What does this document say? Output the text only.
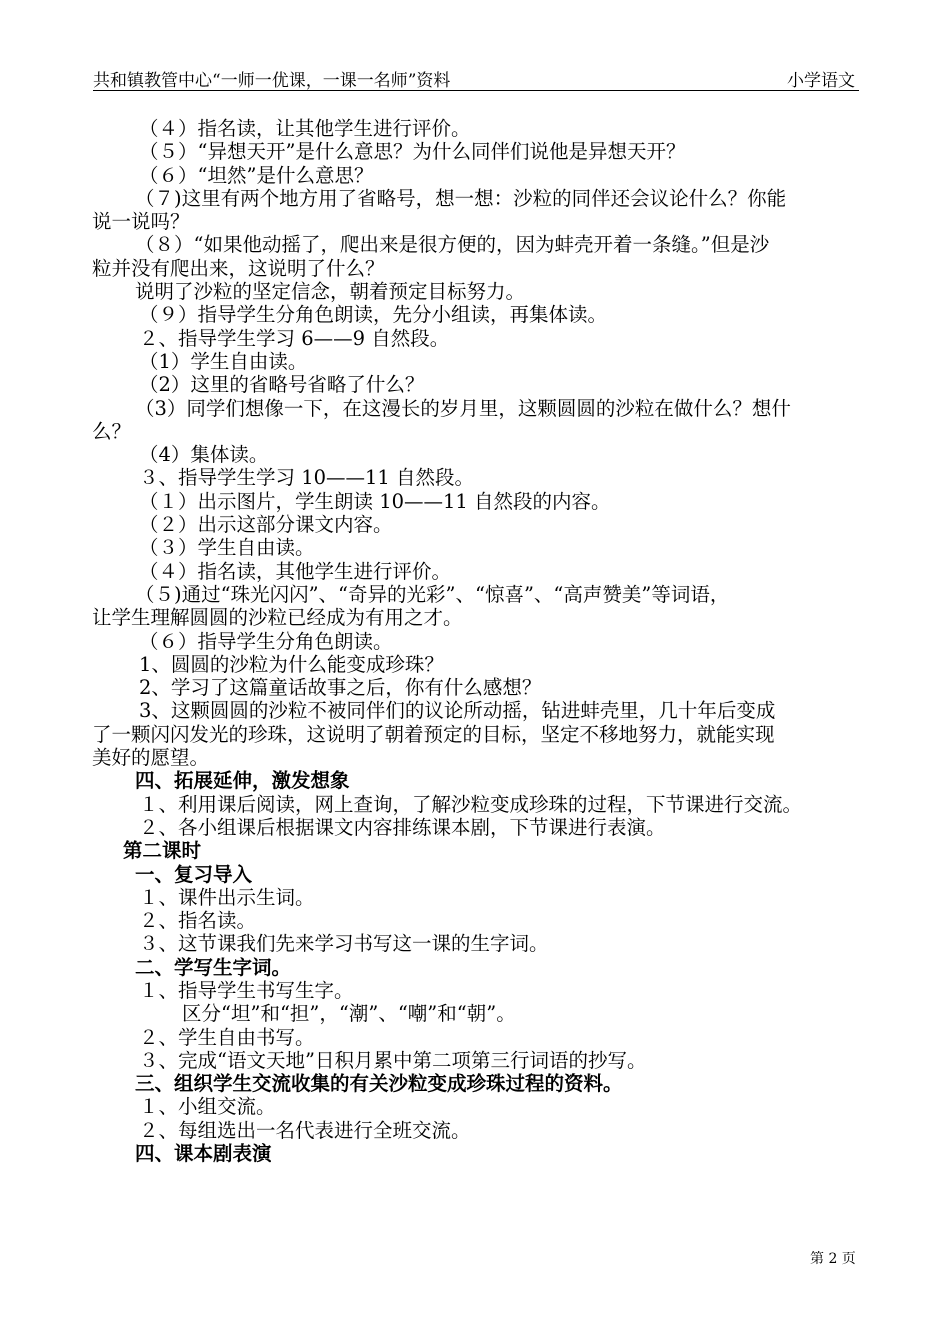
共和镇教管中心“一师一优课，一课一名师”资料	小学语文
（４）指名读，让其他学生进行评价。
（５）“异想天开”是什么意思？为什么同伴们说他是异想天开？
（６）“坦然”是什么意思？
（７)这里有两个地方用了省略号，想一想：沙粒的同伴还会议论什么？你能
说一说吗？
（８）“如果他动摇了，爬出来是很方便的，因为蚌壳开着一条缝。”但是沙
粒并没有爬出来，这说明了什么？
说明了沙粒的坚定信念，朝着预定目标努力。
（９）指导学生分角色朗读，先分小组读，再集体读。
２、指导学生学习 6——9 自然段。
（1）学生自由读。
（2）这里的省略号省略了什么？
（3）同学们想像一下，在这漫长的岁月里，这颗圆圆的沙粒在做什么？想什
么？
（4）集体读。
３、指导学生学习 10——11 自然段。
（１）出示图片，学生朗读 10——11 自然段的内容。
（２）出示这部分课文内容。
（３）学生自由读。
（４）指名读，其他学生进行评价。
（５)通过“珠光闪闪”、“奇异的光彩”、“惊喜”、“高声赞美”等词语，
让学生理解圆圆的沙粒已经成为有用之才。
（６）指导学生分角色朗读。
1、圆圆的沙粒为什么能变成珍珠？
2、学习了这篇童话故事之后，你有什么感想？
3、这颗圆圆的沙粒不被同伴们的议论所动摇，钻进蚌壳里，几十年后变成
了一颗闪闪发光的珍珠，这说明了朝着预定的目标，坚定不移地努力，就能实现
美好的愿望。
四、拓展延伸，激发想象
１、利用课后阅读，网上查询，了解沙粒变成珍珠的过程，下节课进行交流。
２、各小组课后根据课文内容排练课本剧，下节课进行表演。
第二课时
一、复习导入
１、课件出示生词。
２、指名读。
３、这节课我们先来学习书写这一课的生字词。
二、学写生字词。
１、指导学生书写生字。
区分“坦”和“担”，“潮”、“嘲”和“朝”。
２、学生自由书写。
３、完成“语文天地”日积月累中第二项第三行词语的抄写。
三、组织学生交流收集的有关沙粒变成珍珠过程的资料。
１、小组交流。
２、每组选出一名代表进行全班交流。
四、课本剧表演
第 2 页
